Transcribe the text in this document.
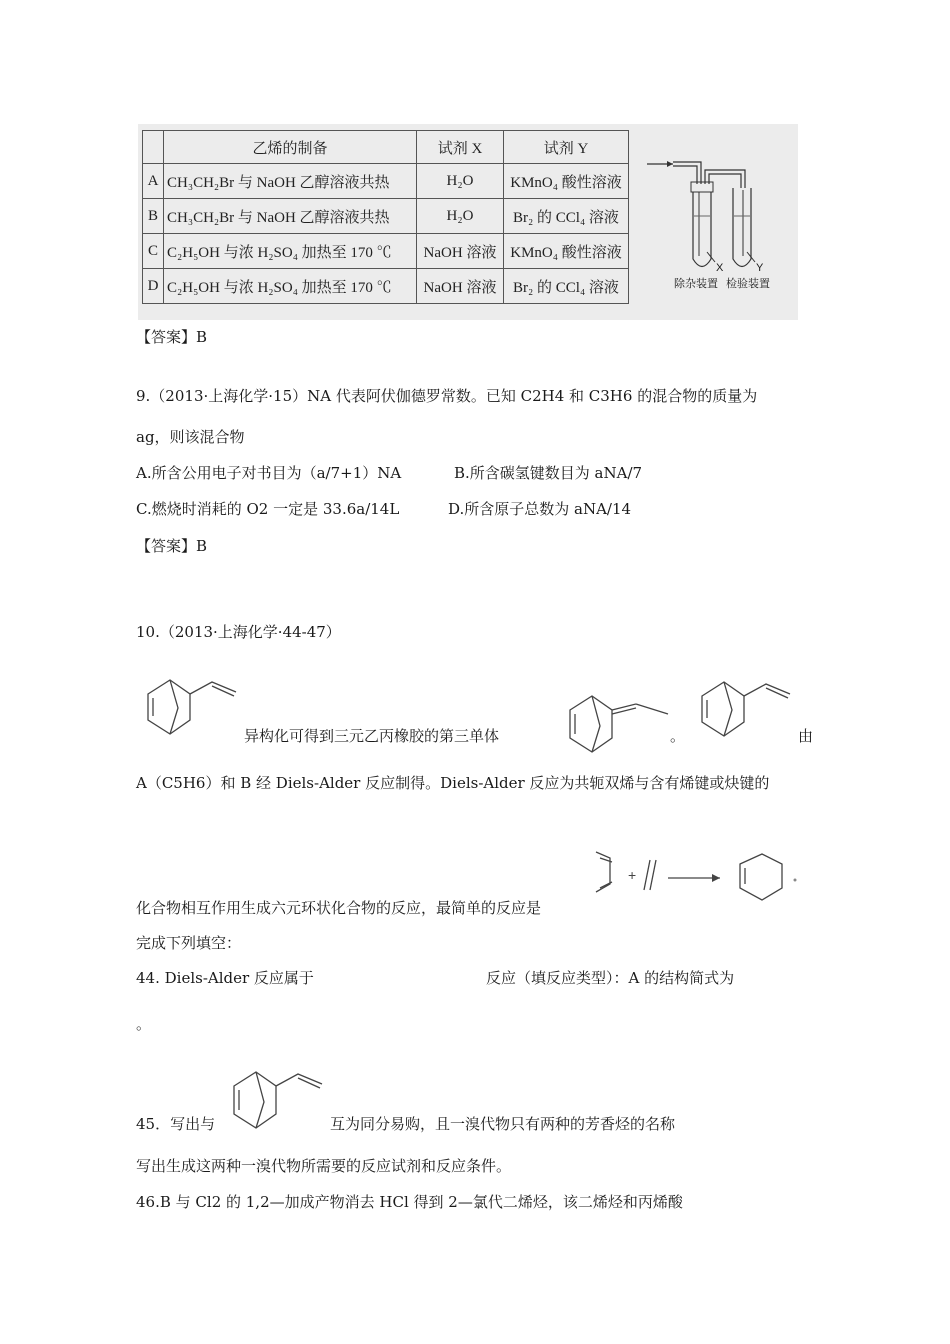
	乙烯的制备	试剂 X	试剂 Y
A	CH₃CH₂Br 与 NaOH 乙醇溶液共热	H₂O	KMnO₄ 酸性溶液
B	CH₃CH₂Br 与 NaOH 乙醇溶液共热	H₂O	Br₂ 的 CCl₄ 溶液
C	C₂H₅OH 与浓 H₂SO₄ 加热至 170 ℃	NaOH 溶液	KMnO₄ 酸性溶液
D	C₂H₅OH 与浓 H₂SO₄ 加热至 170 ℃	NaOH 溶液	Br₂ 的 CCl₄ 溶液
X	Y
除杂装置 检验装置
【答案】B
9.（2013·上海化学·15）NA 代表阿伏伽德罗常数。已知 C2H4 和 C3H6 的混合物的质量为
ag，则该混合物
A.所含公用电子对书目为（a/7+1）NA	B.所含碳氢键数目为 aNA/7
C.燃烧时消耗的 O2 一定是 33.6a/14L	D.所含原子总数为 aNA/14
【答案】B
10.（2013·上海化学·44-47）
异构化可得到三元乙丙橡胶的第三单体	。	由
A（C5H6）和 B 经 Diels-Alder 反应制得。Diels-Alder 反应为共轭双烯与含有烯键或炔键的
+
化合物相互作用生成六元环状化合物的反应，最简单的反应是
完成下列填空：
44. Diels-Alder 反应属于	反应（填反应类型）：A 的结构简式为
。
45．写出与	互为同分易购，且一溴代物只有两种的芳香烃的名称
写出生成这两种一溴代物所需要的反应试剂和反应条件。
46.B 与 Cl2 的 1,2—加成产物消去 HCl 得到 2—氯代二烯烃，该二烯烃和丙烯酸
